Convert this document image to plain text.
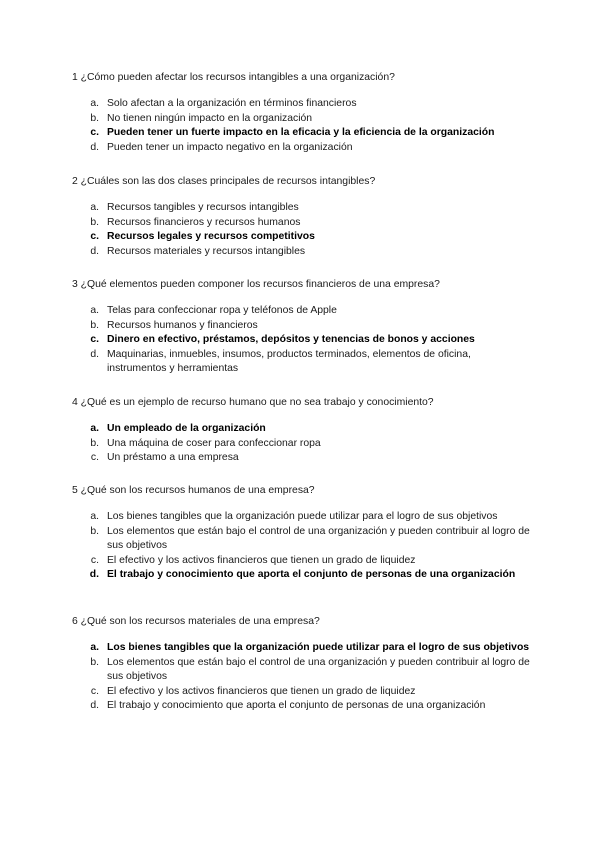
1 ¿Cómo pueden afectar los recursos intangibles a una organización?

a. Solo afectan a la organización en términos financieros
b. No tienen ningún impacto en la organización
c. Pueden tener un fuerte impacto en la eficacia y la eficiencia de la organización
d. Pueden tener un impacto negativo en la organización

2 ¿Cuáles son las dos clases principales de recursos intangibles?

a. Recursos tangibles y recursos intangibles
b. Recursos financieros y recursos humanos
c. Recursos legales y recursos competitivos
d. Recursos materiales y recursos intangibles

3 ¿Qué elementos pueden componer los recursos financieros de una empresa?

a. Telas para confeccionar ropa y teléfonos de Apple
b. Recursos humanos y financieros
c. Dinero en efectivo, préstamos, depósitos y tenencias de bonos y acciones
d. Maquinarias, inmuebles, insumos, productos terminados, elementos de oficina, instrumentos y herramientas

4 ¿Qué es un ejemplo de recurso humano que no sea trabajo y conocimiento?

a. Un empleado de la organización
b. Una máquina de coser para confeccionar ropa
c. Un préstamo a una empresa

5 ¿Qué son los recursos humanos de una empresa?

a. Los bienes tangibles que la organización puede utilizar para el logro de sus objetivos
b. Los elementos que están bajo el control de una organización y pueden contribuir al logro de sus objetivos
c. El efectivo y los activos financieros que tienen un grado de liquidez
d. El trabajo y conocimiento que aporta el conjunto de personas de una organización

6 ¿Qué son los recursos materiales de una empresa?

a. Los bienes tangibles que la organización puede utilizar para el logro de sus objetivos
b. Los elementos que están bajo el control de una organización y pueden contribuir al logro de sus objetivos
c. El efectivo y los activos financieros que tienen un grado de liquidez
d. El trabajo y conocimiento que aporta el conjunto de personas de una organización
